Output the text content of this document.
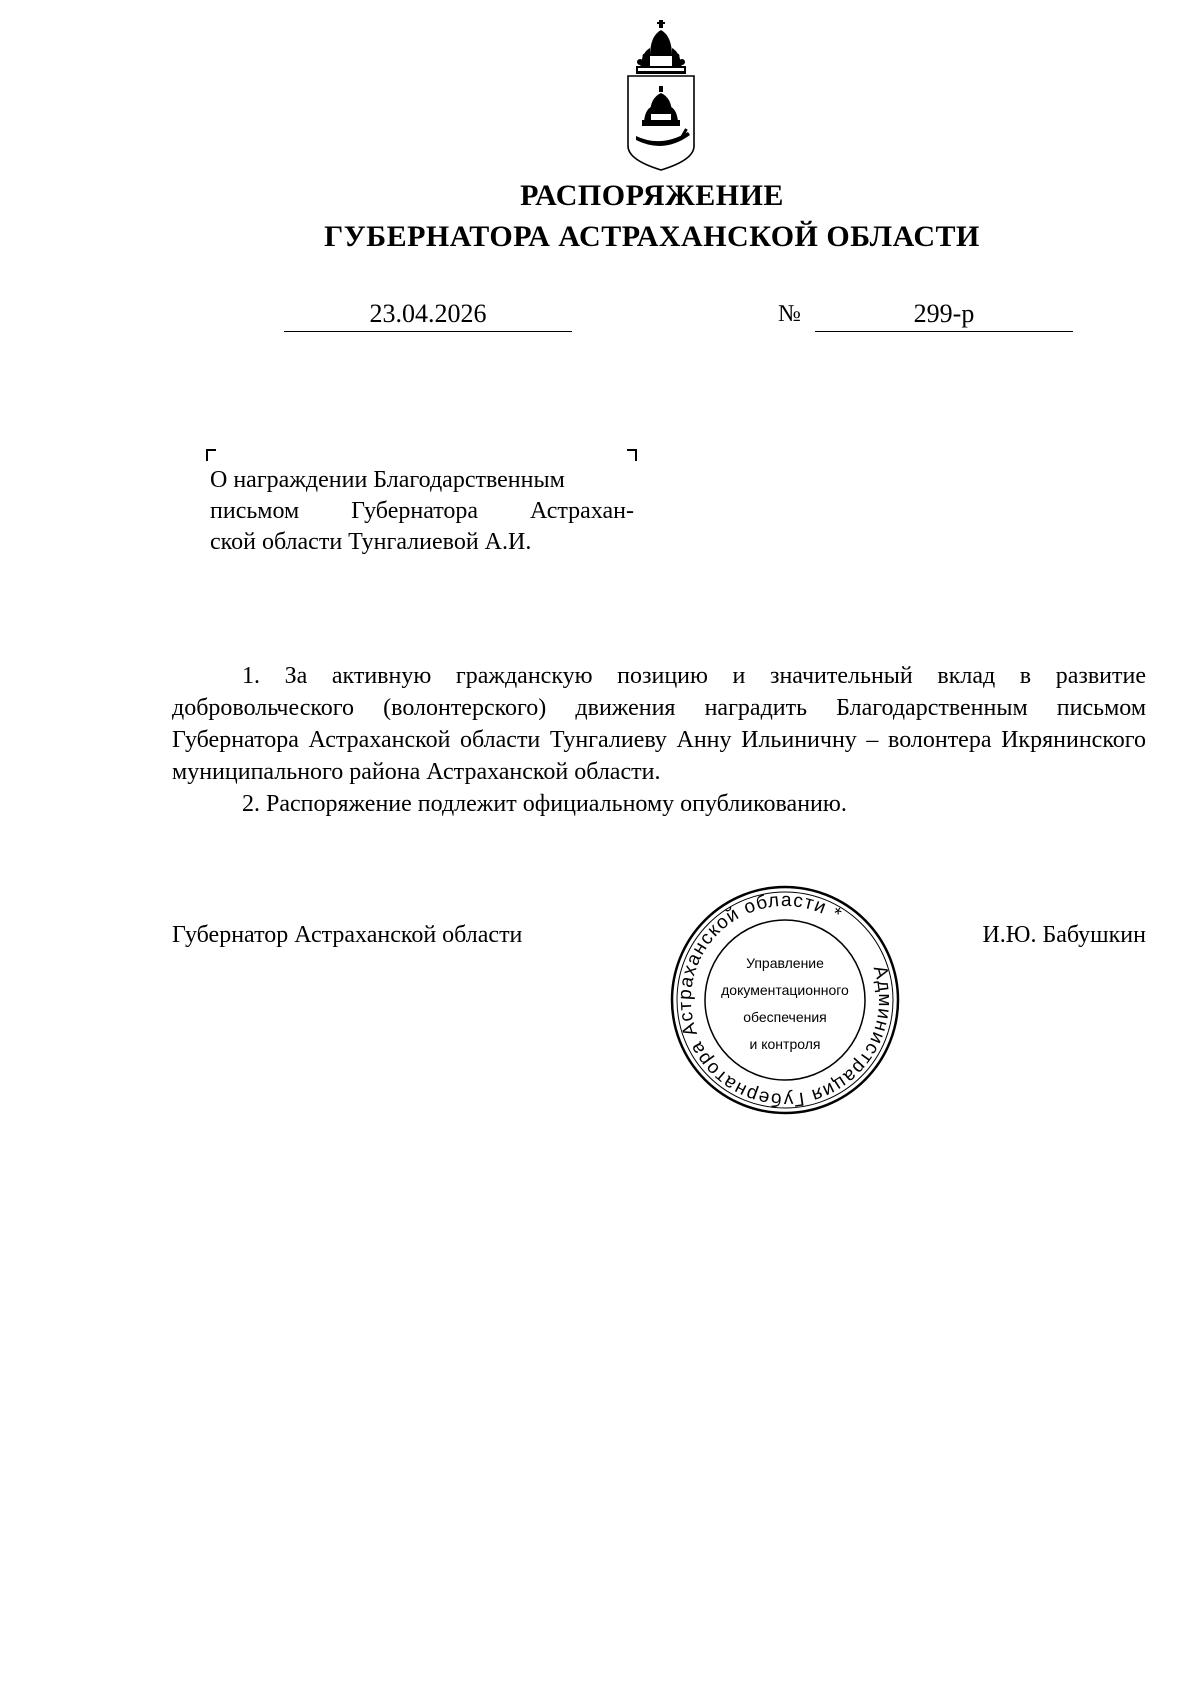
РАСПОРЯЖЕНИЕ
ГУБЕРНАТОРА АСТРАХАНСКОЙ ОБЛАСТИ
23.04.2026	№	299-р
О награждении Благодарственным
письмом Губернатора Астрахан-
ской области Тунгалиевой А.И.

1. За активную гражданскую позицию и значительный вклад в развитие добровольческого (волонтерского) движения наградить Благодарственным письмом Губернатора Астраханской области Тунгалиеву Анну Ильиничну – волонтера Икрянинского муниципального района Астраханской области.

2. Распоряжение подлежит официальному опубликованию.

Губернатор Астраханской области	И.Ю. Бабушкин
Администрация Губернатора Астраханской области *
Управление
документационного
обеспечения
и контроля
